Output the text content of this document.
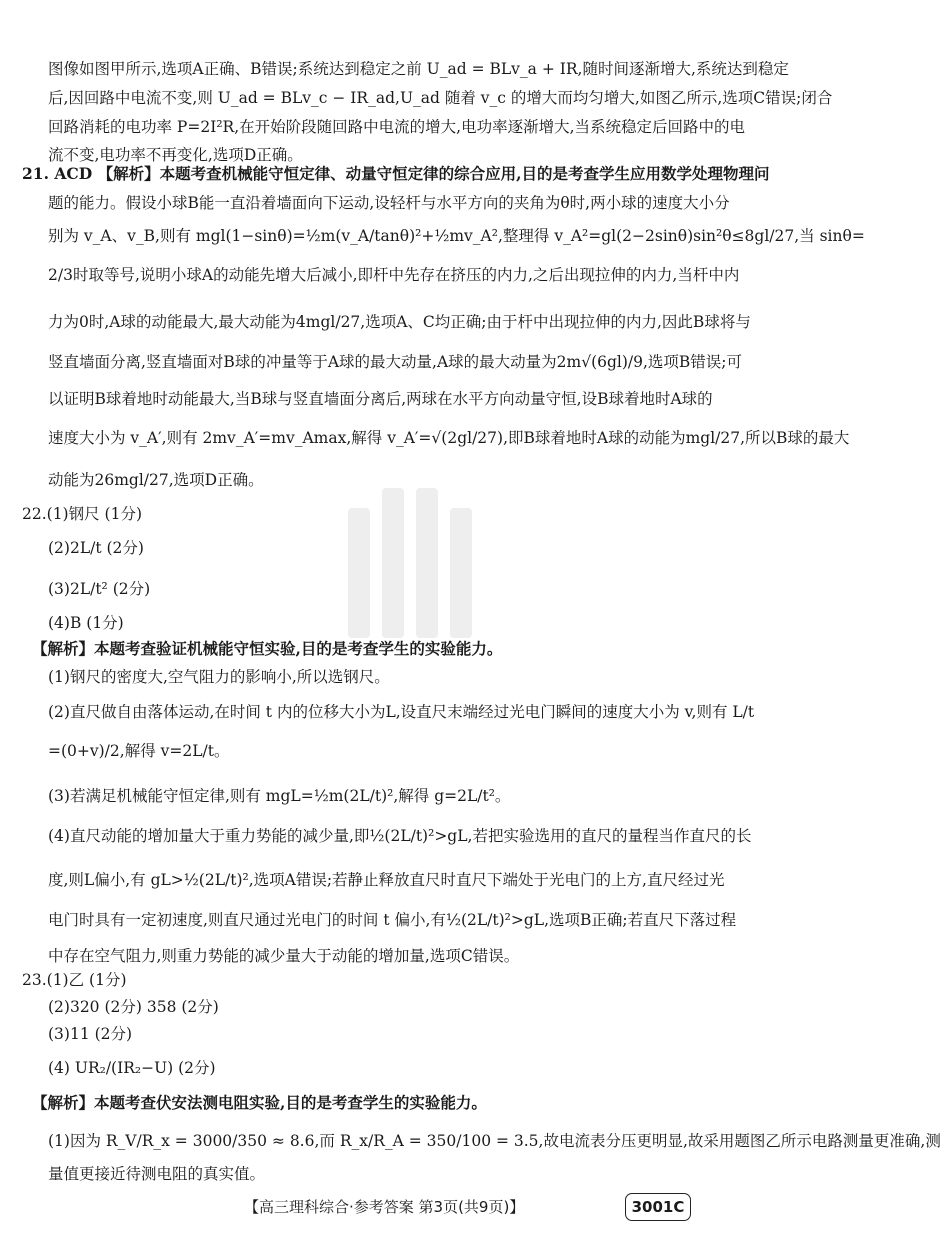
图像如图甲所示,选项A正确、B错误;系统达到稳定之前 U_ad = BLv_a + IR,随时间逐渐增大,系统达到稳定
后,因回路中电流不变,则 U_ad = BLv_c − IR_ad,U_ad 随着 v_c 的增大而均匀增大,如图乙所示,选项C错误;闭合
回路消耗的电功率 P=2I²R,在开始阶段随回路中电流的增大,电功率逐渐增大,当系统稳定后回路中的电
流不变,电功率不再变化,选项D正确。
21. ACD 【解析】本题考查机械能守恒定律、动量守恒定律的综合应用,目的是考查学生应用数学处理物理问
题的能力。假设小球B能一直沿着墙面向下运动,设轻杆与水平方向的夹角为θ时,两小球的速度大小分
别为 v_A、v_B,则有 mgl(1−sinθ)=½m(v_A/tanθ)²+½mv_A²,整理得 v_A²=gl(2−2sinθ)sin²θ≤8gl/27,当 sinθ=
2/3时取等号,说明小球A的动能先增大后减小,即杆中先存在挤压的内力,之后出现拉伸的内力,当杆中内
力为0时,A球的动能最大,最大动能为4mgl/27,选项A、C均正确;由于杆中出现拉伸的内力,因此B球将与
竖直墙面分离,竖直墙面对B球的冲量等于A球的最大动量,A球的最大动量为2m√(6gl)/9,选项B错误;可
以证明B球着地时动能最大,当B球与竖直墙面分离后,两球在水平方向动量守恒,设B球着地时A球的
速度大小为 v_A′,则有 2mv_A′=mv_Amax,解得 v_A′=√(2gl/27),即B球着地时A球的动能为mgl/27,所以B球的最大
动能为26mgl/27,选项D正确。
22.(1)钢尺 (1分)
(2)2L/t (2分)
(3)2L/t² (2分)
(4)B (1分)
【解析】本题考查验证机械能守恒实验,目的是考查学生的实验能力。
(1)钢尺的密度大,空气阻力的影响小,所以选钢尺。
(2)直尺做自由落体运动,在时间 t 内的位移大小为L,设直尺末端经过光电门瞬间的速度大小为 v,则有 L/t
=(0+v)/2,解得 v=2L/t。
(3)若满足机械能守恒定律,则有 mgL=½m(2L/t)²,解得 g=2L/t²。
(4)直尺动能的增加量大于重力势能的减少量,即½(2L/t)²>gL,若把实验选用的直尺的量程当作直尺的长
度,则L偏小,有 gL>½(2L/t)²,选项A错误;若静止释放直尺时直尺下端处于光电门的上方,直尺经过光
电门时具有一定初速度,则直尺通过光电门的时间 t 偏小,有½(2L/t)²>gL,选项B正确;若直尺下落过程
中存在空气阻力,则重力势能的减少量大于动能的增加量,选项C错误。
23.(1)乙 (1分)
(2)320 (2分) 358 (2分)
(3)11 (2分)
(4) UR₂/(IR₂−U) (2分)
【解析】本题考查伏安法测电阻实验,目的是考查学生的实验能力。
(1)因为 R_V/R_x = 3000/350 ≈ 8.6,而 R_x/R_A = 350/100 = 3.5,故电流表分压更明显,故采用题图乙所示电路测量更准确,测
量值更接近待测电阻的真实值。
【高三理科综合·参考答案 第3页(共9页)】	3001C
